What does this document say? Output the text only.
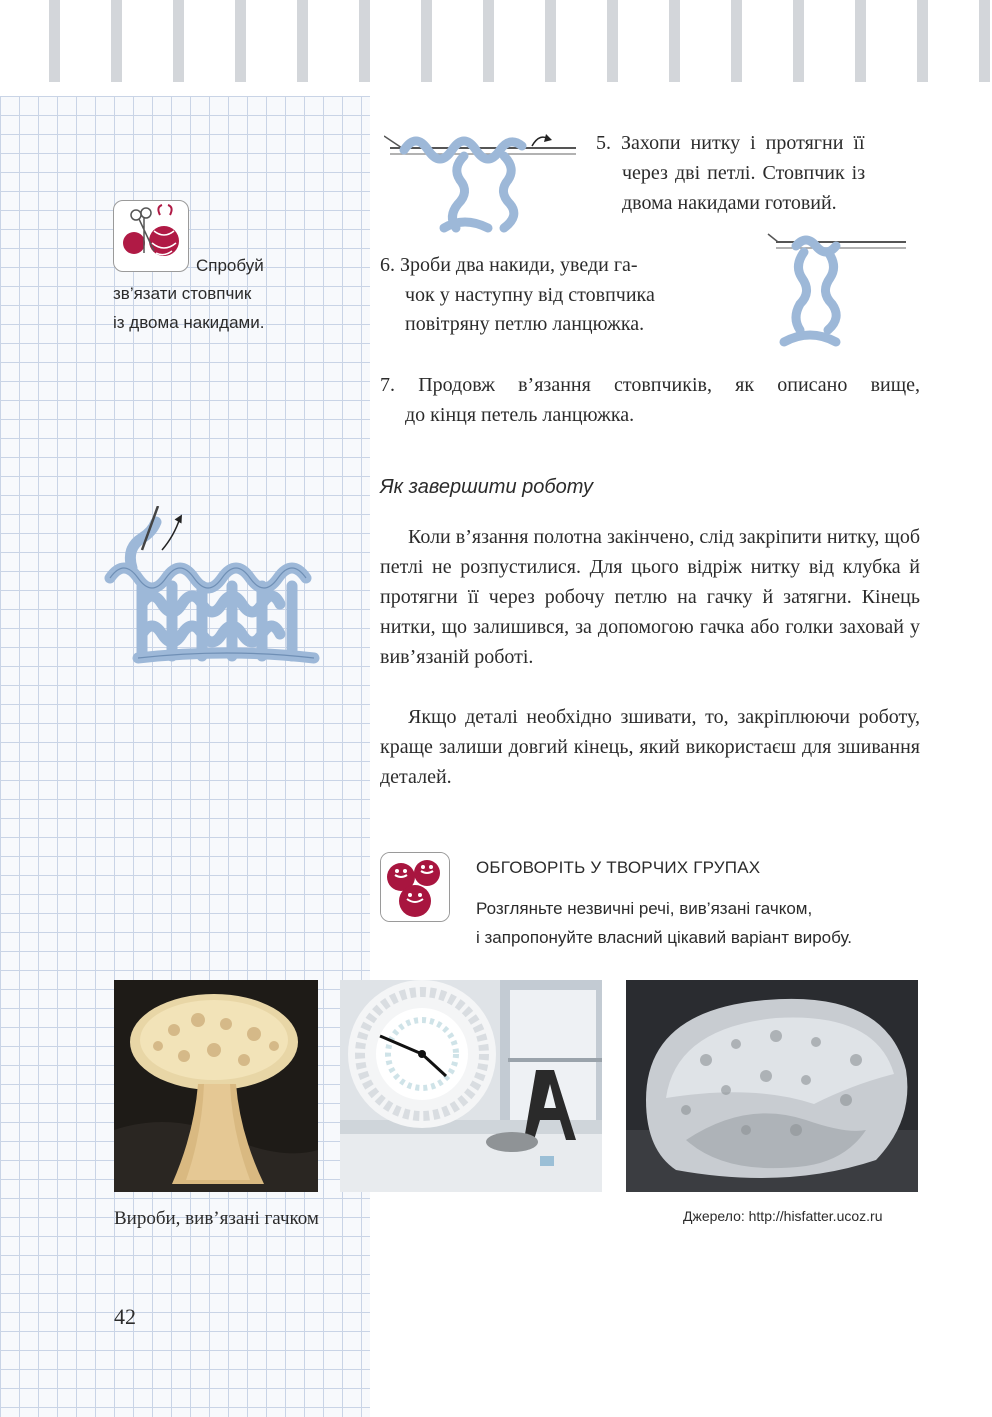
Спробуй
зв’язати стовпчик
із двома накидами.
5. Захопи нитку і протягни її
через дві петлі. Стовпчик із
двома накидами готовий.
6. Зроби два накиди, уведи га-
чок у наступну від стовпчика
повітряну петлю ланцюжка.
7. Продовж в’язання стовпчиків, як описано вище,
до кінця петель ланцюжка.
Як завершити роботу
Коли в’язання полотна закінчено, слід закріпити нитку, щоб петлі не розпустилися. Для цього відріж нитку від клубка й протягни її через робочу петлю на гачку й затягни. Кінець нитки, що залишився, за допомогою гачка або голки заховай у вив’язаній роботі.
Якщо деталі необхідно зшивати, то, закріплюючи роботу, краще залиши довгий кінець, який використаєш для зшивання деталей.
ОБГОВОРІТЬ У ТВОРЧИХ ГРУПАХ
Розгляньте незвичні речі, вив’язані гачком,
і запропонуйте власний цікавий варіант виробу.
Вироби, вив’язані гачком	Джерело: http://hisfatter.ucoz.ru
42
